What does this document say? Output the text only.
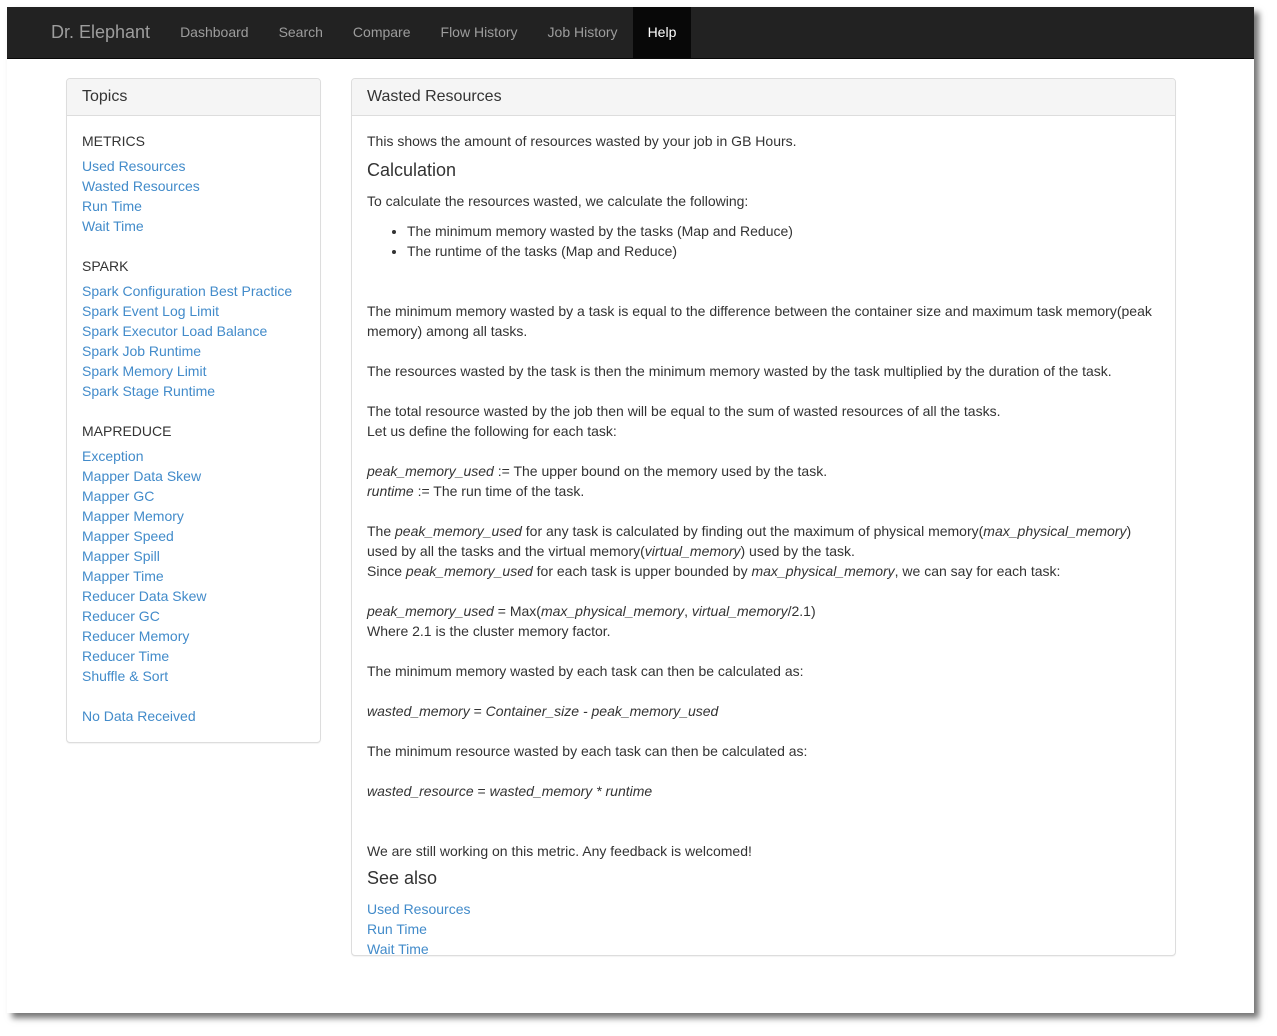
Dr. Elephant	Dashboard	Search	Compare	Flow History	Job History	Help
Topics
METRICS
Used Resources
Wasted Resources
Run Time
Wait Time
SPARK
Spark Configuration Best Practice
Spark Event Log Limit
Spark Executor Load Balance
Spark Job Runtime
Spark Memory Limit
Spark Stage Runtime
MAPREDUCE
Exception
Mapper Data Skew
Mapper GC
Mapper Memory
Mapper Speed
Mapper Spill
Mapper Time
Reducer Data Skew
Reducer GC
Reducer Memory
Reducer Time
Shuffle & Sort
No Data Received
Wasted Resources

This shows the amount of resources wasted by your job in GB Hours.

Calculation

To calculate the resources wasted, we calculate the following:

• The minimum memory wasted by the tasks (Map and Reduce)
• The runtime of the tasks (Map and Reduce)

The minimum memory wasted by a task is equal to the difference between the container size and maximum task memory(peak memory) among all tasks.

The resources wasted by the task is then the minimum memory wasted by the task multiplied by the duration of the task.

The total resource wasted by the job then will be equal to the sum of wasted resources of all the tasks.

Let us define the following for each task:

peak_memory_used := The upper bound on the memory used by the task.

runtime := The run time of the task.

The peak_memory_used for any task is calculated by finding out the maximum of physical memory(max_physical_memory) used by all the tasks and the virtual memory(virtual_memory) used by the task.

Since peak_memory_used for each task is upper bounded by max_physical_memory, we can say for each task:

peak_memory_used = Max(max_physical_memory, virtual_memory/2.1)

Where 2.1 is the cluster memory factor.

The minimum memory wasted by each task can then be calculated as:

wasted_memory = Container_size - peak_memory_used

The minimum resource wasted by each task can then be calculated as:

wasted_resource = wasted_memory * runtime

We are still working on this metric. Any feedback is welcomed!

See also
Used Resources
Run Time
Wait Time
